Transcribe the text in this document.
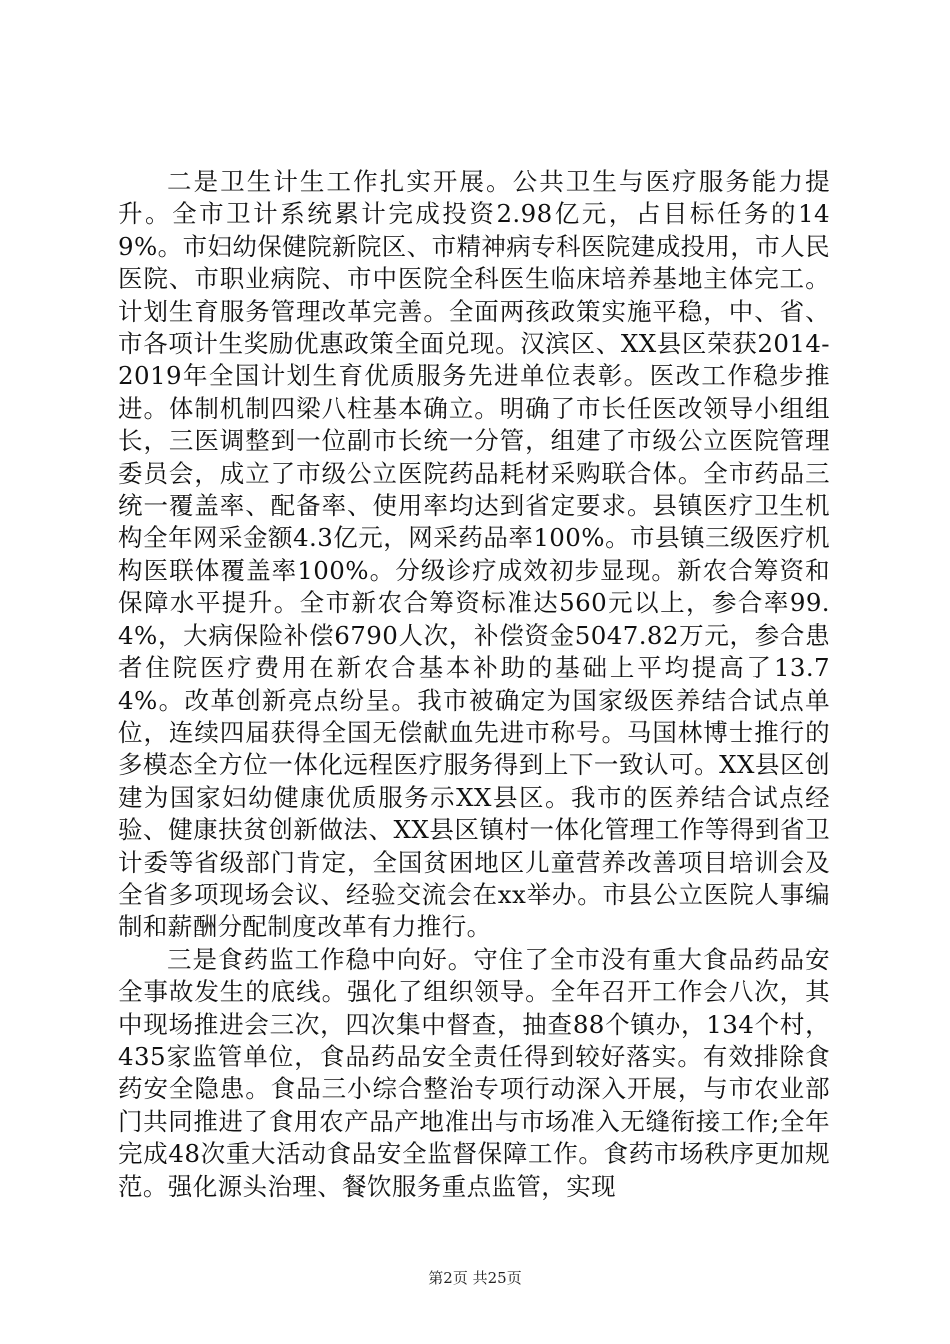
二是卫生计生工作扎实开展。公共卫生与医疗服务能力提升。全市卫计系统累计完成投资2.98亿元，占目标任务的149%。市妇幼保健院新院区、市精神病专科医院建成投用，市人民医院、市职业病院、市中医院全科医生临床培养基地主体完工。计划生育服务管理改革完善。全面两孩政策实施平稳，中、省、市各项计生奖励优惠政策全面兑现。汉滨区、XX县区荣获2014-2019年全国计划生育优质服务先进单位表彰。医改工作稳步推进。体制机制四梁八柱基本确立。明确了市长任医改领导小组组长，三医调整到一位副市长统一分管，组建了市级公立医院管理委员会，成立了市级公立医院药品耗材采购联合体。全市药品三统一覆盖率、配备率、使用率均达到省定要求。县镇医疗卫生机构全年网采金额4.3亿元，网采药品率100%。市县镇三级医疗机构医联体覆盖率100%。分级诊疗成效初步显现。新农合筹资和保障水平提升。全市新农合筹资标准达560元以上，参合率99.4%，大病保险补偿6790人次，补偿资金5047.82万元，参合患者住院医疗费用在新农合基本补助的基础上平均提高了13.74%。改革创新亮点纷呈。我市被确定为国家级医养结合试点单位，连续四届获得全国无偿献血先进市称号。马国林博士推行的多模态全方位一体化远程医疗服务得到上下一致认可。XX县区创建为国家妇幼健康优质服务示XX县区。我市的医养结合试点经验、健康扶贫创新做法、XX县区镇村一体化管理工作等得到省卫计委等省级部门肯定，全国贫困地区儿童营养改善项目培训会及全省多项现场会议、经验交流会在xx举办。市县公立医院人事编制和薪酬分配制度改革有力推行。

三是食药监工作稳中向好。守住了全市没有重大食品药品安全事故发生的底线。强化了组织领导。全年召开工作会八次，其中现场推进会三次，四次集中督查，抽查88个镇办，134个村，435家监管单位，食品药品安全责任得到较好落实。有效排除食药安全隐患。食品三小综合整治专项行动深入开展，与市农业部门共同推进了食用农产品产地准出与市场准入无缝衔接工作;全年完成48次重大活动食品安全监督保障工作。食药市场秩序更加规范。强化源头治理、餐饮服务重点监管，实现

第2页 共25页
